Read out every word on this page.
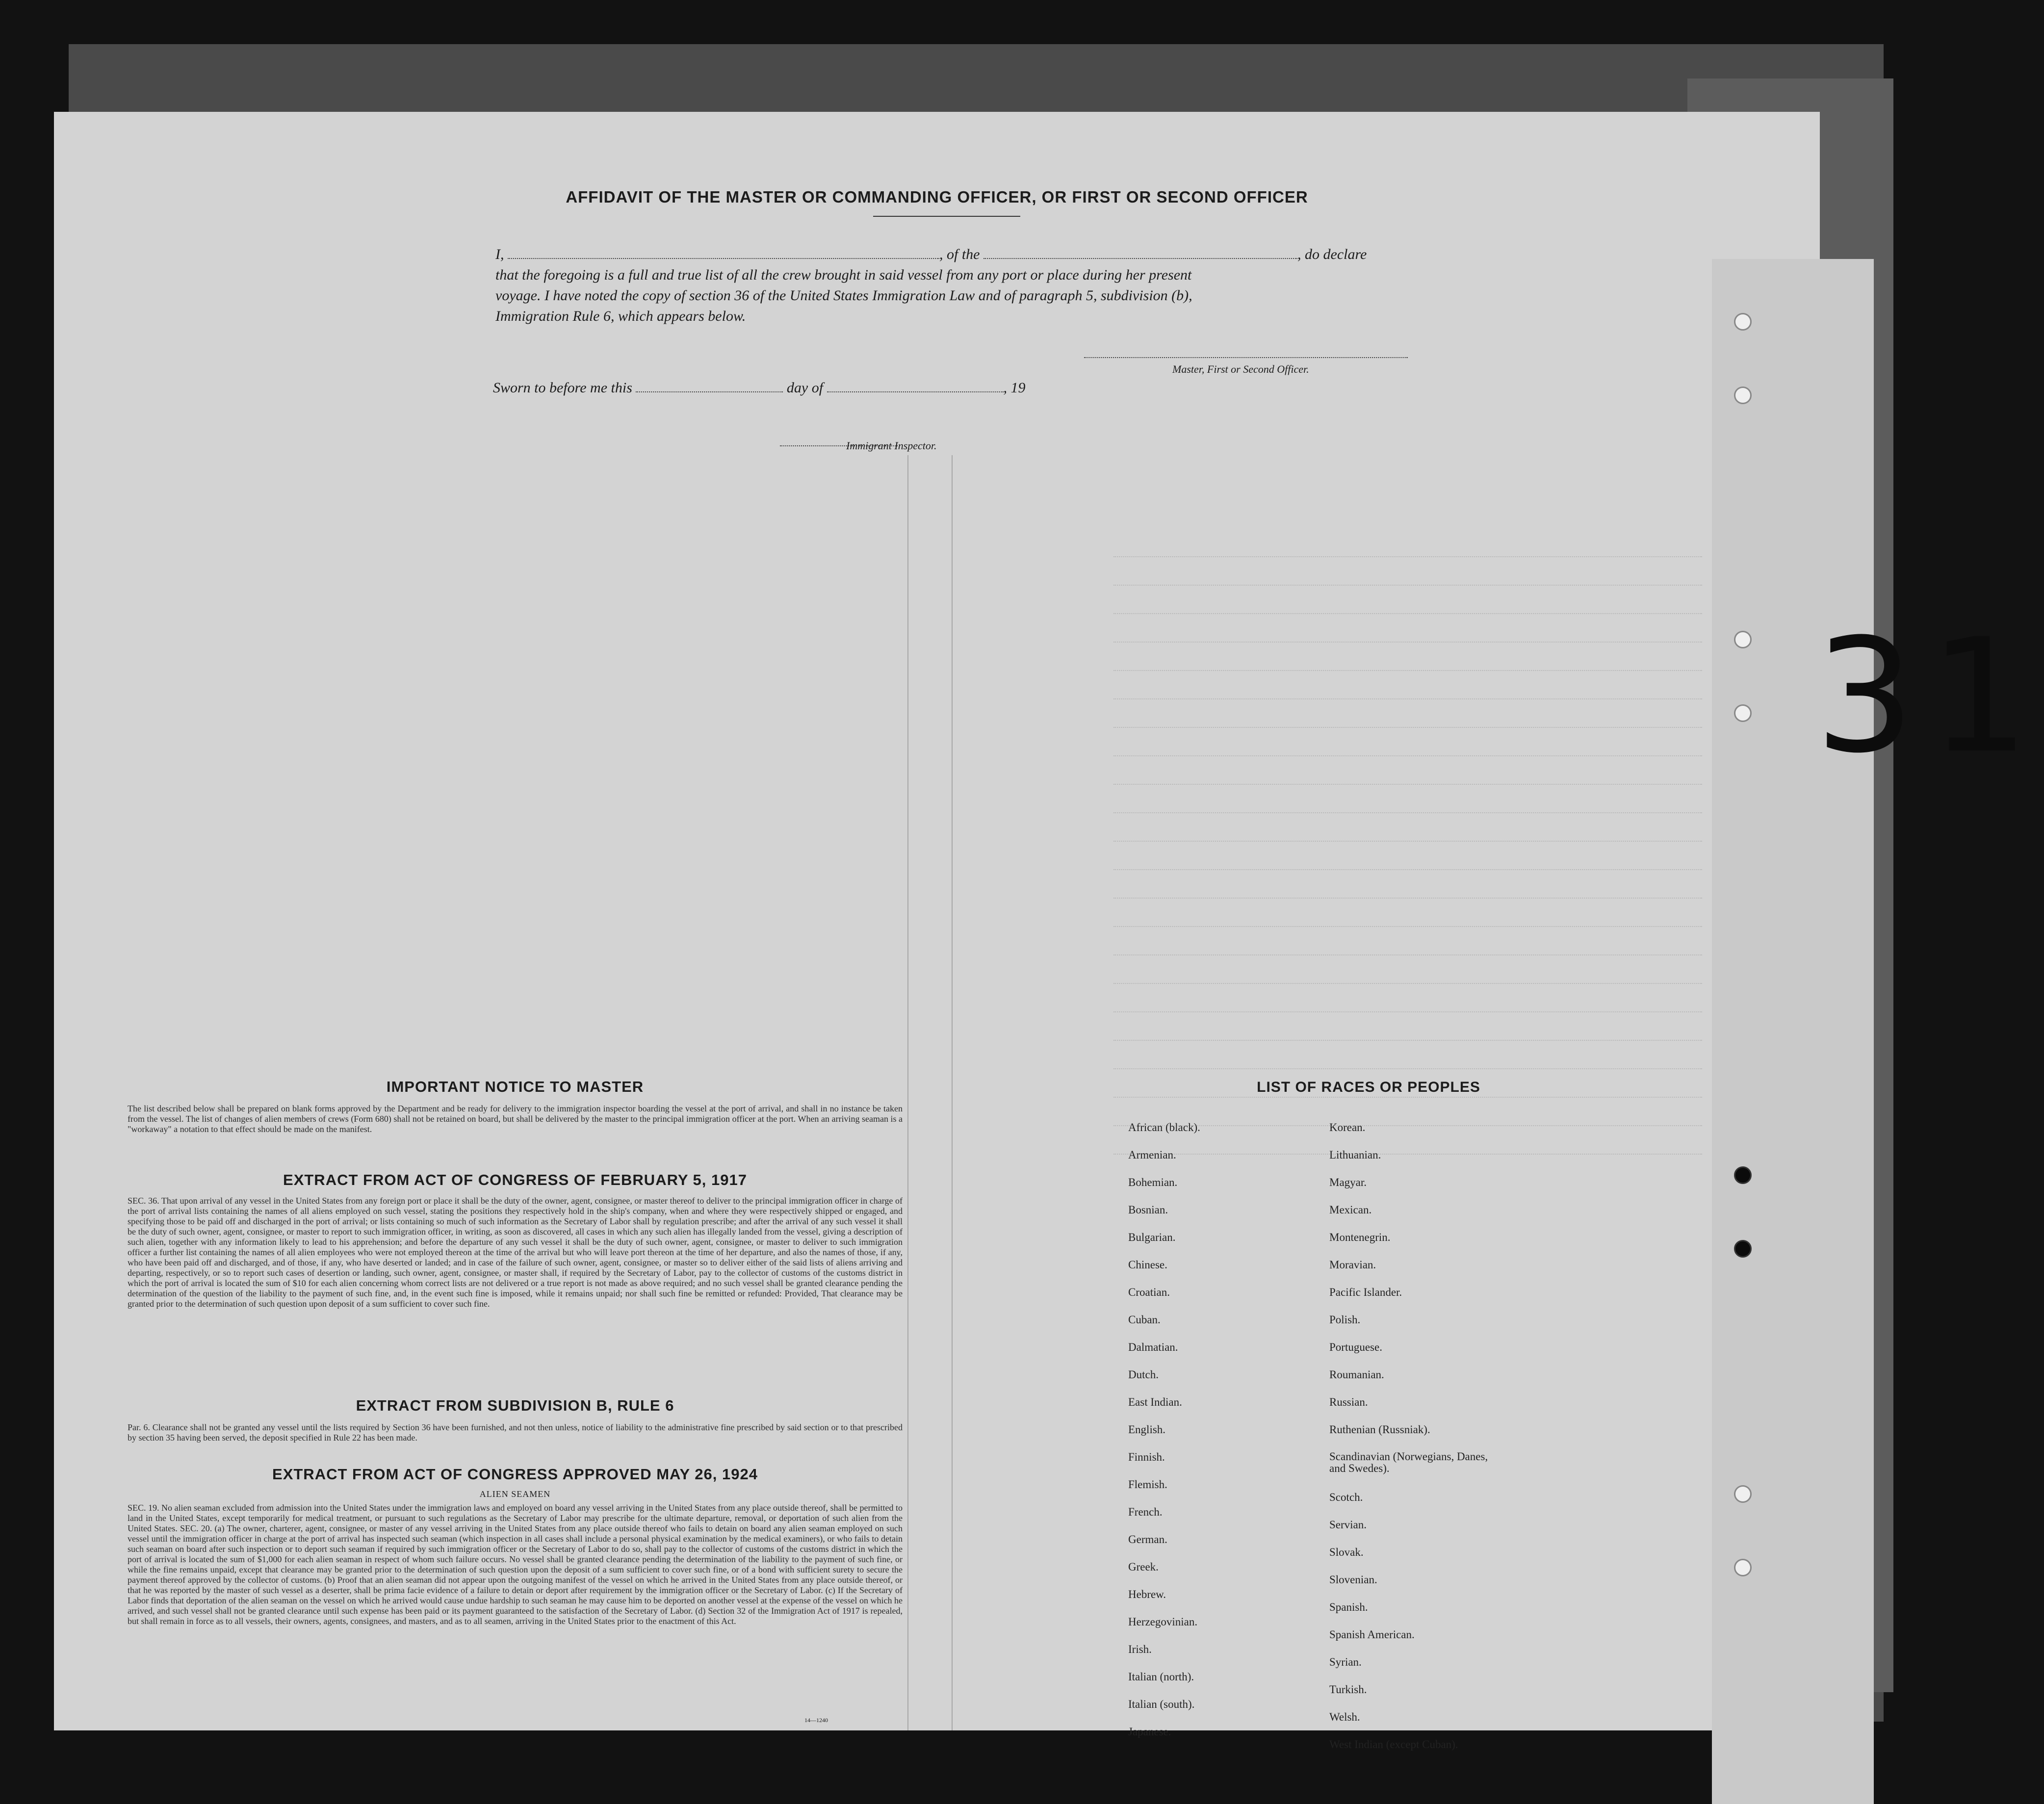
AFFIDAVIT OF THE MASTER OR COMMANDING OFFICER, OR FIRST OR SECOND OFFICER
I,	, of the	, do declare
that the foregoing is a full and true list of all the crew brought in said vessel from any port or place during her present
voyage. I have noted the copy of section 36 of the United States Immigration Law and of paragraph 5, subdivision (b),
Immigration Rule 6, which appears below.
Master, First or Second Officer.
Sworn to before me this	day of	, 19
Immigrant Inspector.
IMPORTANT NOTICE TO MASTER
The list described below shall be prepared on blank forms approved by the Department and be ready for delivery to the immigration inspector boarding the vessel at the port of arrival, and shall in no instance be taken from the vessel. The list of changes of alien members of crews (Form 680) shall not be retained on board, but shall be delivered by the master to the principal immigration officer at the port. When an arriving seaman is a "workaway" a notation to that effect should be made on the manifest.
EXTRACT FROM ACT OF CONGRESS OF FEBRUARY 5, 1917
SEC. 36. That upon arrival of any vessel in the United States from any foreign port or place it shall be the duty of the owner, agent, consignee, or master thereof to deliver to the principal immigration officer in charge of the port of arrival lists containing the names of all aliens employed on such vessel, stating the positions they respectively hold in the ship's company, when and where they were respectively shipped or engaged, and specifying those to be paid off and discharged in the port of arrival; or lists containing so much of such information as the Secretary of Labor shall by regulation prescribe; and after the arrival of any such vessel it shall be the duty of such owner, agent, consignee, or master to report to such immigration officer, in writing, as soon as discovered, all cases in which any such alien has illegally landed from the vessel, giving a description of such alien, together with any information likely to lead to his apprehension; and before the departure of any such vessel it shall be the duty of such owner, agent, consignee, or master to deliver to such immigration officer a further list containing the names of all alien employees who were not employed thereon at the time of the arrival but who will leave port thereon at the time of her departure, and also the names of those, if any, who have been paid off and discharged, and of those, if any, who have deserted or landed; and in case of the failure of such owner, agent, consignee, or master so to deliver either of the said lists of aliens arriving and departing, respectively, or so to report such cases of desertion or landing, such owner, agent, consignee, or master shall, if required by the Secretary of Labor, pay to the collector of customs of the customs district in which the port of arrival is located the sum of $10 for each alien concerning whom correct lists are not delivered or a true report is not made as above required; and no such vessel shall be granted clearance pending the determination of the question of the liability to the payment of such fine, and, in the event such fine is imposed, while it remains unpaid; nor shall such fine be remitted or refunded: Provided, That clearance may be granted prior to the determination of such question upon deposit of a sum sufficient to cover such fine.
EXTRACT FROM SUBDIVISION B, RULE 6
Par. 6. Clearance shall not be granted any vessel until the lists required by Section 36 have been furnished, and not then unless, notice of liability to the administrative fine prescribed by said section or to that prescribed by section 35 having been served, the deposit specified in Rule 22 has been made.
EXTRACT FROM ACT OF CONGRESS APPROVED MAY 26, 1924
ALIEN SEAMEN
SEC. 19. No alien seaman excluded from admission into the United States under the immigration laws and employed on board any vessel arriving in the United States from any place outside thereof, shall be permitted to land in the United States, except temporarily for medical treatment, or pursuant to such regulations as the Secretary of Labor may prescribe for the ultimate departure, removal, or deportation of such alien from the United States. SEC. 20. (a) The owner, charterer, agent, consignee, or master of any vessel arriving in the United States from any place outside thereof who fails to detain on board any alien seaman employed on such vessel until the immigration officer in charge at the port of arrival has inspected such seaman (which inspection in all cases shall include a personal physical examination by the medical examiners), or who fails to detain such seaman on board after such inspection or to deport such seaman if required by such immigration officer or the Secretary of Labor to do so, shall pay to the collector of customs of the customs district in which the port of arrival is located the sum of $1,000 for each alien seaman in respect of whom such failure occurs. No vessel shall be granted clearance pending the determination of the liability to the payment of such fine, or while the fine remains unpaid, except that clearance may be granted prior to the determination of such question upon the deposit of a sum sufficient to cover such fine, or of a bond with sufficient surety to secure the payment thereof approved by the collector of customs. (b) Proof that an alien seaman did not appear upon the outgoing manifest of the vessel on which he arrived in the United States from any place outside thereof, or that he was reported by the master of such vessel as a deserter, shall be prima facie evidence of a failure to detain or deport after requirement by the immigration officer or the Secretary of Labor. (c) If the Secretary of Labor finds that deportation of the alien seaman on the vessel on which he arrived would cause undue hardship to such seaman he may cause him to be deported on another vessel at the expense of the vessel on which he arrived, and such vessel shall not be granted clearance until such expense has been paid or its payment guaranteed to the satisfaction of the Secretary of Labor. (d) Section 32 of the Immigration Act of 1917 is repealed, but shall remain in force as to all vessels, their owners, agents, consignees, and masters, and as to all seamen, arriving in the United States prior to the enactment of this Act.
14—1240
LIST OF RACES OR PEOPLES
African (black).
Armenian.
Bohemian.
Bosnian.
Bulgarian.
Chinese.
Croatian.
Cuban.
Dalmatian.
Dutch.
East Indian.
English.
Finnish.
Flemish.
French.
German.
Greek.
Hebrew.
Herzegovinian.
Irish.
Italian (north).
Italian (south).
Japanese.
Korean.
Lithuanian.
Magyar.
Mexican.
Montenegrin.
Moravian.
Pacific Islander.
Polish.
Portuguese.
Roumanian.
Russian.
Ruthenian (Russniak).
Scandinavian (Norwegians, Danes, and Swedes).
Scotch.
Servian.
Slovak.
Slovenian.
Spanish.
Spanish American.
Syrian.
Turkish.
Welsh.
West Indian (except Cuban).
31
